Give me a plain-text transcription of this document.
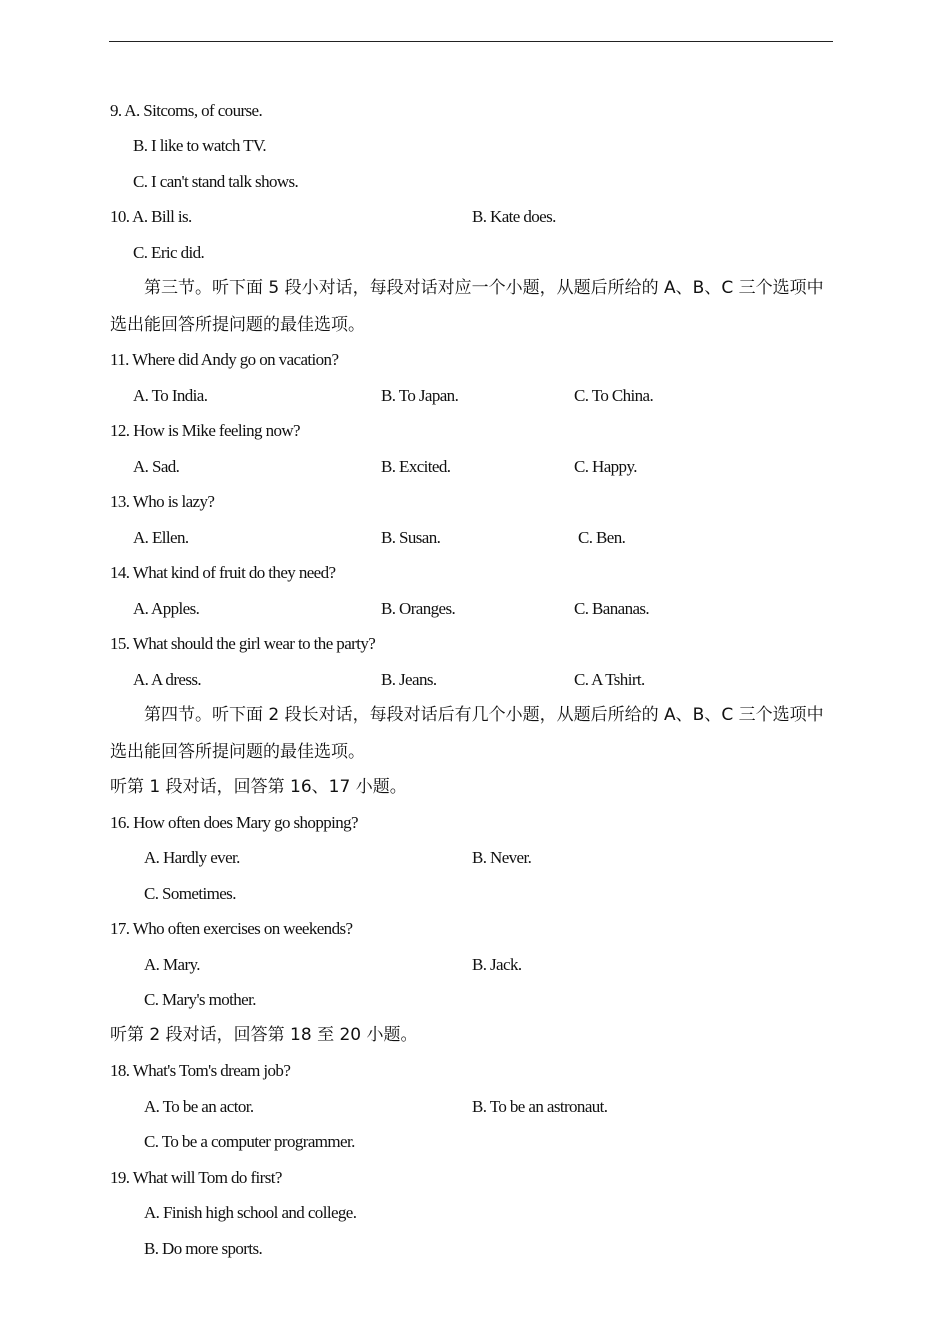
9. A. Sitcoms, of course.
B. I like to watch TV.
C. I can't stand talk shows.
10. A. Bill is.	B. Kate does.
C. Eric did.
第三节。听下面 5 段小对话，每段对话对应一个小题，从题后所给的 A、B、C 三个选项中
选出能回答所提问题的最佳选项。
11. Where did Andy go on vacation?
A. To India.	B. To Japan.	C. To China.
12. How is Mike feeling now?
A. Sad.	B. Excited.	C. Happy.
13. Who is lazy?
A. Ellen.	B. Susan.	C. Ben.
14. What kind of fruit do they need?
A. Apples.	B. Oranges.	C. Bananas.
15. What should the girl wear to the party?
A. A dress.	B. Jeans.	C. A Tshirt.
第四节。听下面 2 段长对话，每段对话后有几个小题，从题后所给的 A、B、C 三个选项中
选出能回答所提问题的最佳选项。
听第 1 段对话，回答第 16、17 小题。
16. How often does Mary go shopping?
A. Hardly ever.	B. Never.
C. Sometimes.
17. Who often exercises on weekends?
A. Mary.	B. Jack.
C. Mary's mother.
听第 2 段对话，回答第 18 至 20 小题。
18. What's Tom's dream job?
A. To be an actor.	B. To be an astronaut.
C. To be a computer programmer.
19. What will Tom do first?
A. Finish high school and college.
B. Do more sports.
